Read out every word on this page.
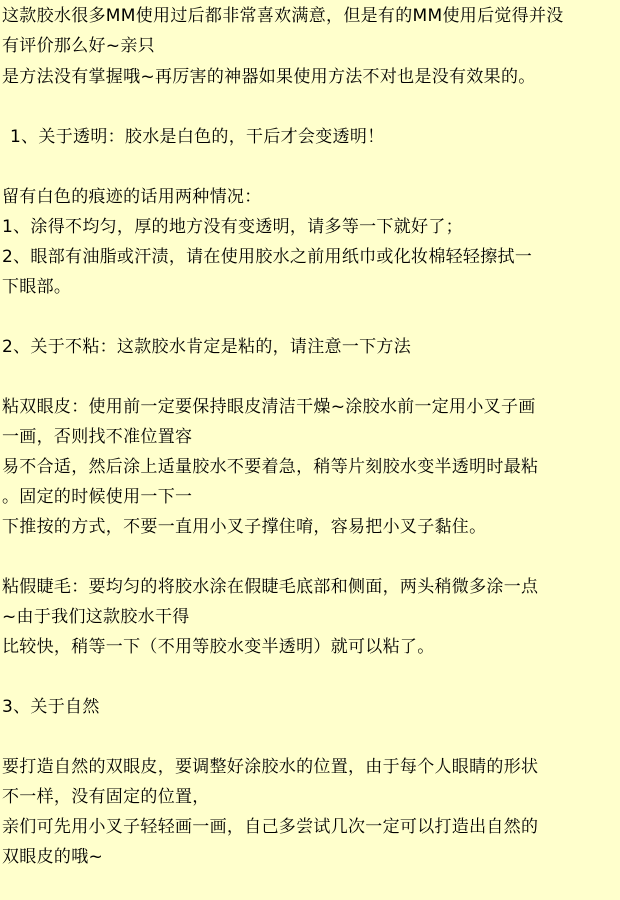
这款胶水很多MM使用过后都非常喜欢满意，但是有的MM使用后觉得并没
有评价那么好~亲只
是方法没有掌握哦~再厉害的神器如果使用方法不对也是没有效果的。
1、关于透明：胶水是白色的，干后才会变透明！
留有白色的痕迹的话用两种情况：
1、涂得不均匀，厚的地方没有变透明，请多等一下就好了；
2、眼部有油脂或汗渍，请在使用胶水之前用纸巾或化妆棉轻轻擦拭一
下眼部。
2、关于不粘：这款胶水肯定是粘的，请注意一下方法
粘双眼皮：使用前一定要保持眼皮清洁干燥~涂胶水前一定用小叉子画
一画，否则找不准位置容
易不合适，然后涂上适量胶水不要着急，稍等片刻胶水变半透明时最粘
。固定的时候使用一下一
下推按的方式，不要一直用小叉子撑住唷，容易把小叉子黏住。
粘假睫毛：要均匀的将胶水涂在假睫毛底部和侧面，两头稍微多涂一点
~由于我们这款胶水干得
比较快，稍等一下（不用等胶水变半透明）就可以粘了。
3、关于自然
要打造自然的双眼皮，要调整好涂胶水的位置，由于每个人眼睛的形状
不一样，没有固定的位置，
亲们可先用小叉子轻轻画一画，自己多尝试几次一定可以打造出自然的
双眼皮的哦~
